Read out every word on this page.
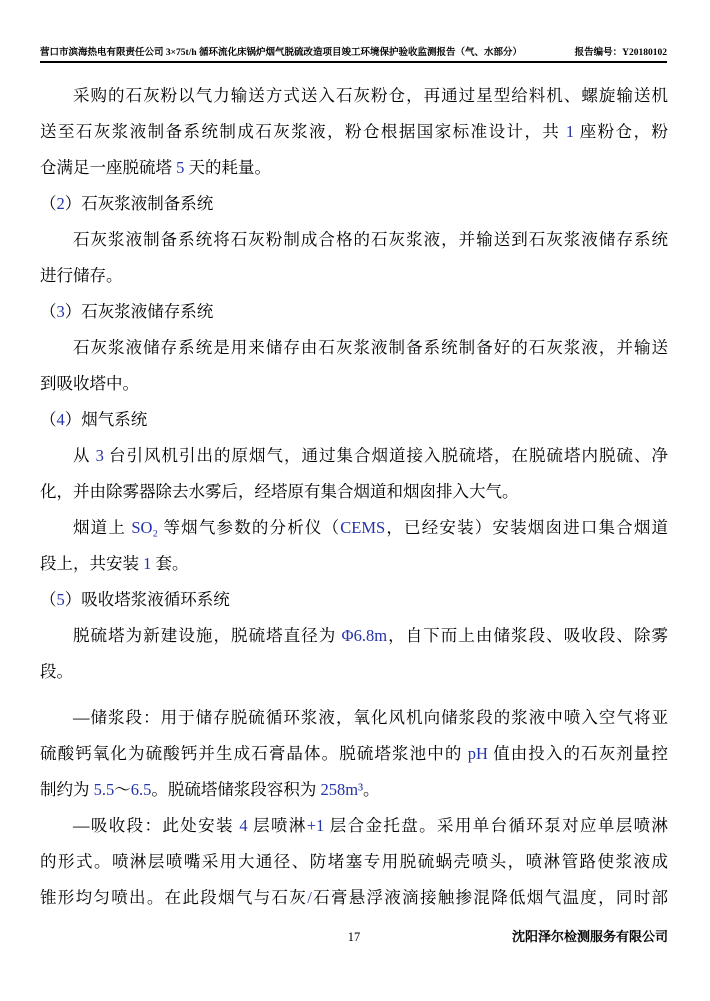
营口市滨海热电有限责任公司 3×75t/h 循环流化床锅炉烟气脱硫改造项目竣工环境保护验收监测报告（气、水部分）	报告编号：Y20180102
采购的石灰粉以气力输送方式送入石灰粉仓，再通过星型给料机、螺旋输送机
送至石灰浆液制备系统制成石灰浆液，粉仓根据国家标准设计，共 1 座粉仓，粉
仓满足一座脱硫塔 5 天的耗量。
（2）石灰浆液制备系统
石灰浆液制备系统将石灰粉制成合格的石灰浆液，并输送到石灰浆液储存系统
进行储存。
（3）石灰浆液储存系统
石灰浆液储存系统是用来储存由石灰浆液制备系统制备好的石灰浆液，并输送
到吸收塔中。
（4）烟气系统
从 3 台引风机引出的原烟气，通过集合烟道接入脱硫塔，在脱硫塔内脱硫、净
化，并由除雾器除去水雾后，经塔原有集合烟道和烟囱排入大气。
烟道上 SO₂ 等烟气参数的分析仪（CEMS，已经安装）安装烟囱进口集合烟道
段上，共安装 1 套。
（5）吸收塔浆液循环系统
脱硫塔为新建设施，脱硫塔直径为 Φ6.8m，自下而上由储浆段、吸收段、除雾
段。
—储浆段：用于储存脱硫循环浆液，氧化风机向储浆段的浆液中喷入空气将亚
硫酸钙氧化为硫酸钙并生成石膏晶体。脱硫塔浆池中的 pH 值由投入的石灰剂量控
制约为 5.5～6.5。脱硫塔储浆段容积为 258m³。
—吸收段：此处安装 4 层喷淋+1 层合金托盘。采用单台循环泵对应单层喷淋
的形式。喷淋层喷嘴采用大通径、防堵塞专用脱硫蜗壳喷头，喷淋管路使浆液成
锥形均匀喷出。在此段烟气与石灰/石膏悬浮液滴接触掺混降低烟气温度，同时部
17	沈阳泽尔检测服务有限公司
